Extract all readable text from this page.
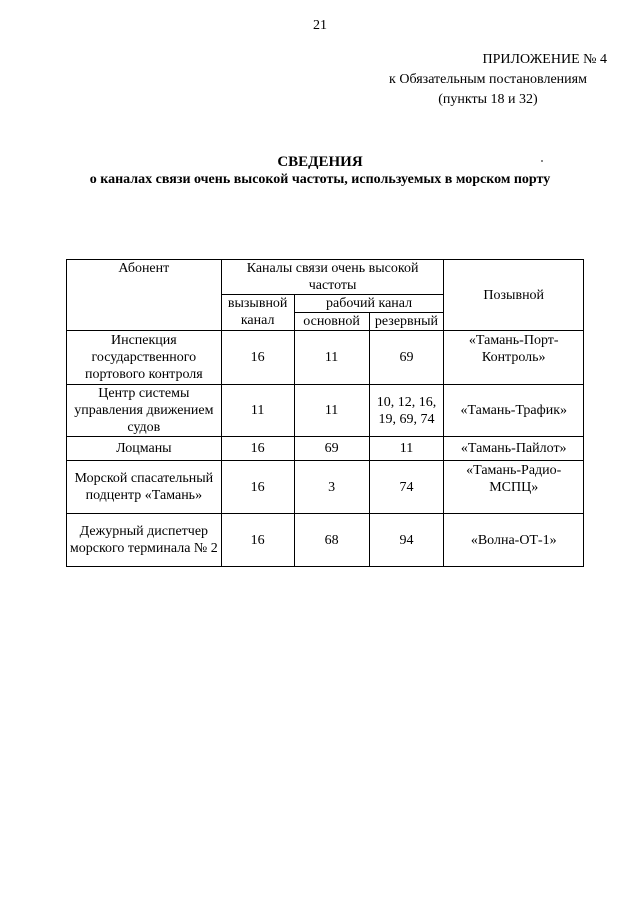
21
ПРИЛОЖЕНИЕ № 4
к Обязательным постановлениям
(пункты 18 и 32)
СВЕДЕНИЯ
о каналах связи очень высокой частоты, используемых в морском порту
Абонент	Каналы связи очень высокой частоты			Позывной
	вызывной канал	рабочий канал		
		основной	резервный	
Инспекция государственного портового контроля	16	11	69	«Тамань-Порт-Контроль»
Центр системы управления движением судов	11	11	10, 12, 16, 19, 69, 74	«Тамань-Трафик»
Лоцманы	16	69	11	«Тамань-Пайлот»
Морской спасательный подцентр «Тамань»	16	3	74	«Тамань-Радио-МСПЦ»
Дежурный диспетчер морского терминала № 2	16	68	94	«Волна-ОТ-1»
